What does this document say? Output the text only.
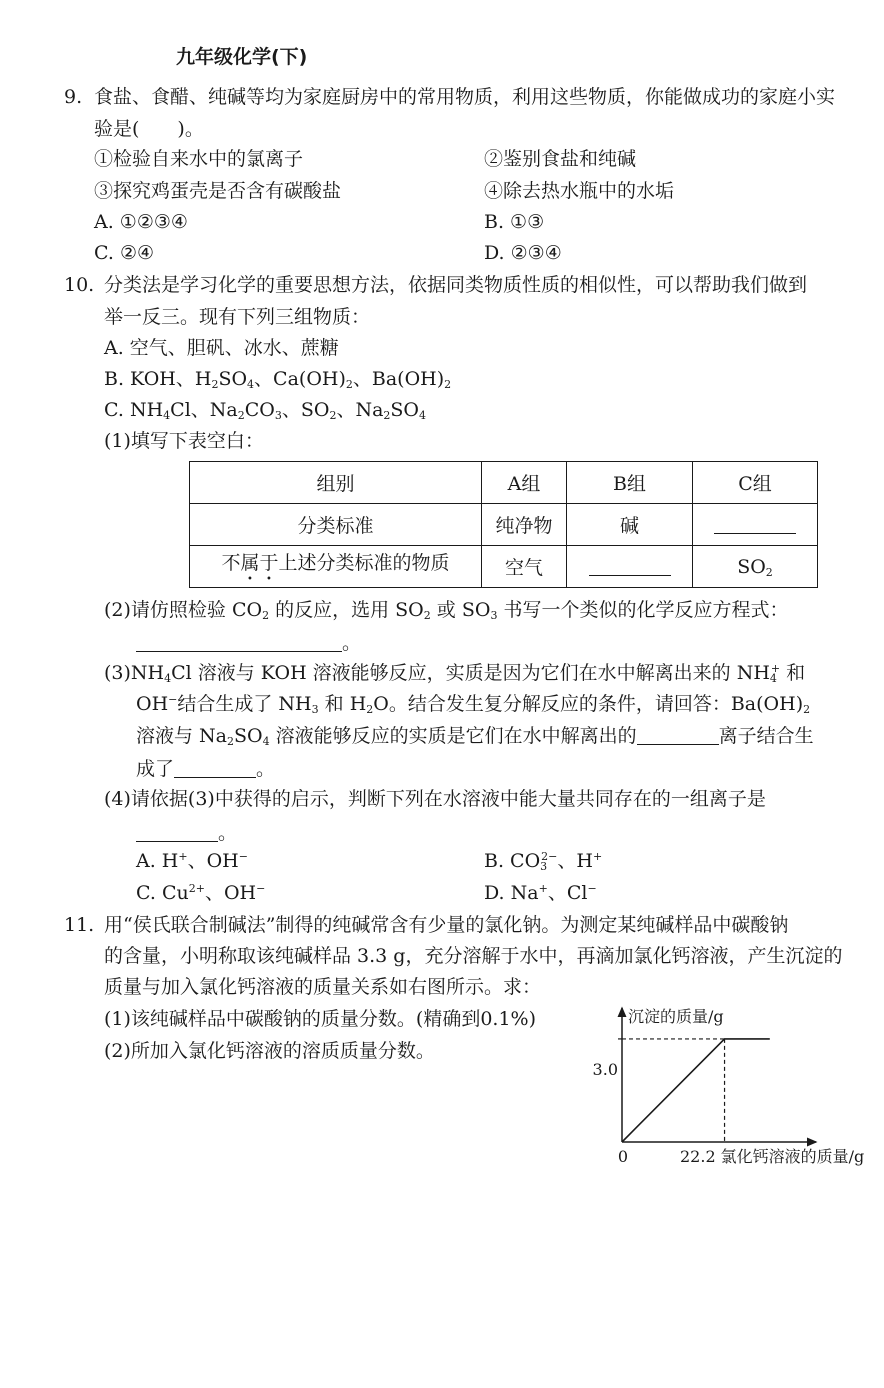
九年级化学(下)
9. 食盐、食醋、纯碱等均为家庭厨房中的常用物质，利用这些物质，你能做成功的家庭小实
验是(　　)。
①检验自来水中的氯离子	②鉴别食盐和纯碱
③探究鸡蛋壳是否含有碳酸盐	④除去热水瓶中的水垢
A. ①②③④	B. ①③
C. ②④	D. ②③④
10. 分类法是学习化学的重要思想方法，依据同类物质性质的相似性，可以帮助我们做到
举一反三。现有下列三组物质：
A. 空气、胆矾、冰水、蔗糖
B. KOH、$H_2SO_4$、$Ca(OH)_2$、$Ba(OH)_2$
C. $NH_4Cl$、$Na_2CO_3$、$SO_2$、$Na_2SO_4$
(1)填写下表空白：
组别	A组	B组	C组
分类标准	纯净物	碱	
不属于上述分类标准的物质	空气		$SO_2$
(2)请仿照检验 $CO_2$ 的反应，选用 $SO_2$ 或 $SO_3$ 书写一个类似的化学反应方程式：
。
$(3)NH_4Cl$ 溶液与 KOH 溶液能够反应，实质是因为它们在水中解离出来的 $NH_4^+$ 和
OH−结合生成了 $NH_3$ 和 $H_2O$。结合发生复分解反应的条件，请回答：$Ba(OH)_2$
溶液与 $Na_2SO_4$ 溶液能够反应的实质是它们在水中解离出的	离子结合生
成了	。
(4)请依据(3)中获得的启示，判断下列在水溶液中能大量共同存在的一组离子是
。
A. H+、OH−	B. $CO_3^{2-}$、H+
C. $Cu^{2+}$、OH−	D. Na+、Cl−
11. 用“侯氏联合制碱法”制得的纯碱常含有少量的氯化钠。为测定某纯碱样品中碳酸钠
的含量，小明称取该纯碱样品 3.3 g，充分溶解于水中，再滴加氯化钙溶液，产生沉淀的
质量与加入氯化钙溶液的质量关系如右图所示。求：
(1)该纯碱样品中碳酸钠的质量分数。(精确到0.1%)
(2)所加入氯化钙溶液的溶质质量分数。
沉淀的质量/g
22.2 氯化钙溶液的质量/g
0
3.0
